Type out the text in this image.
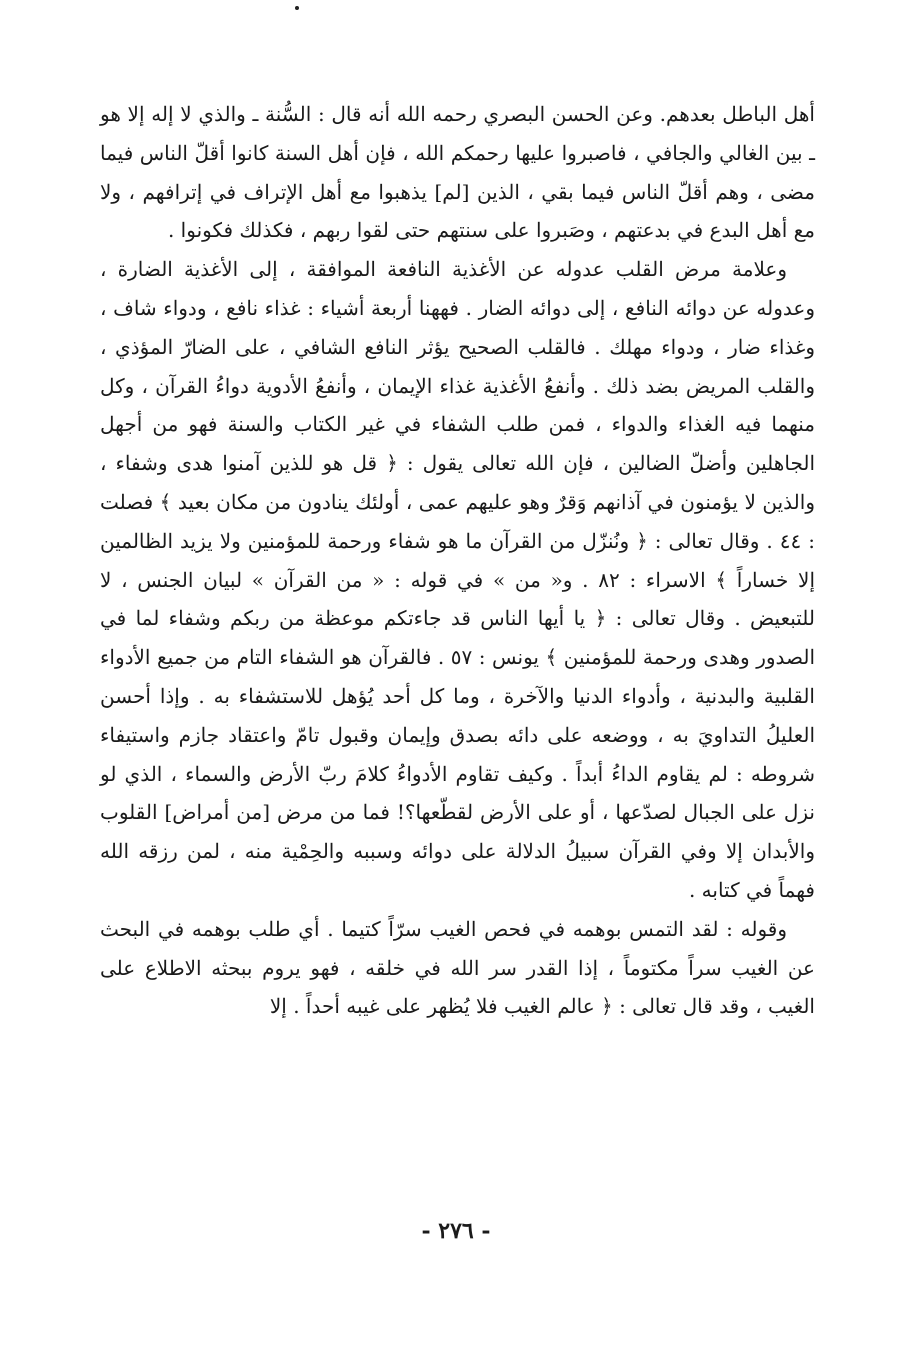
أهل الباطل بعدهم. وعن الحسن البصري رحمه الله أنه قال : السُّنة ـ والذي لا إله إلا هو ـ بين الغالي والجافي ، فاصبروا عليها رحمكم الله ، فإن أهل السنة كانوا أقلّ الناس فيما مضى ، وهم أقلّ الناس فيما بقي ، الذين [لم] يذهبوا مع أهل الإتراف في إترافهم ، ولا مع أهل البدع في بدعتهم ، وصَبروا على سنتهم حتى لقوا ربهم ، فكذلك فكونوا .

وعلامة مرض القلب عدوله عن الأغذية النافعة الموافقة ، إلى الأغذية الضارة ، وعدوله عن دوائه النافع ، إلى دوائه الضار . فههنا أربعة أشياء : غذاء نافع ، ودواء شاف ، وغذاء ضار ، ودواء مهلك . فالقلب الصحيح يؤثر النافع الشافي ، على الضارّ المؤذي ، والقلب المريض بضد ذلك . وأنفعُ الأغذية غذاء الإيمان ، وأنفعُ الأدوية دواءُ القرآن ، وكل منهما فيه الغذاء والدواء ، فمن طلب الشفاء في غير الكتاب والسنة فهو من أجهل الجاهلين وأضلّ الضالين ، فإن الله تعالى يقول : ﴿ قل هو للذين آمنوا هدى وشفاء ، والذين لا يؤمنون في آذانهم وَقرٌ وهو عليهم عمى ، أولئك ينادون من مكان بعيد ﴾ فصلت : ٤٤ . وقال تعالى : ﴿ ونُنزّل من القرآن ما هو شفاء ورحمة للمؤمنين ولا يزيد الظالمين إلا خساراً ﴾ الاسراء : ٨٢ . و« من » في قوله : « من القرآن » لبيان الجنس ، لا للتبعيض . وقال تعالى : ﴿ يا أيها الناس قد جاءتكم موعظة من ربكم وشفاء لما في الصدور وهدى ورحمة للمؤمنين ﴾ يونس : ٥٧ . فالقرآن هو الشفاء التام من جميع الأدواء القلبية والبدنية ، وأدواء الدنيا والآخرة ، وما كل أحد يُؤهل للاستشفاء به . وإذا أحسن العليلُ التداويَ به ، ووضعه على دائه بصدق وإيمان وقبول تامّ واعتقاد جازم واستيفاء شروطه : لم يقاوم الداءُ أبداً . وكيف تقاوم الأدواءُ كلامَ ربّ الأرض والسماء ، الذي لو نزل على الجبال لصدّعها ، أو على الأرض لقطّعها؟! فما من مرض [من أمراض] القلوب والأبدان إلا وفي القرآن سبيلُ الدلالة على دوائه وسببه والحِمْية منه ، لمن رزقه الله فهماً في كتابه .

وقوله : لقد التمس بوهمه في فحص الغيب سرّاً كتيما . أي طلب بوهمه في البحث عن الغيب سراً مكتوماً ، إذا القدر سر الله في خلقه ، فهو يروم ببحثه الاطلاع على الغيب ، وقد قال تعالى : ﴿ عالم الغيب فلا يُظهر على غيبه أحداً . إلا

- ٢٧٦ -
